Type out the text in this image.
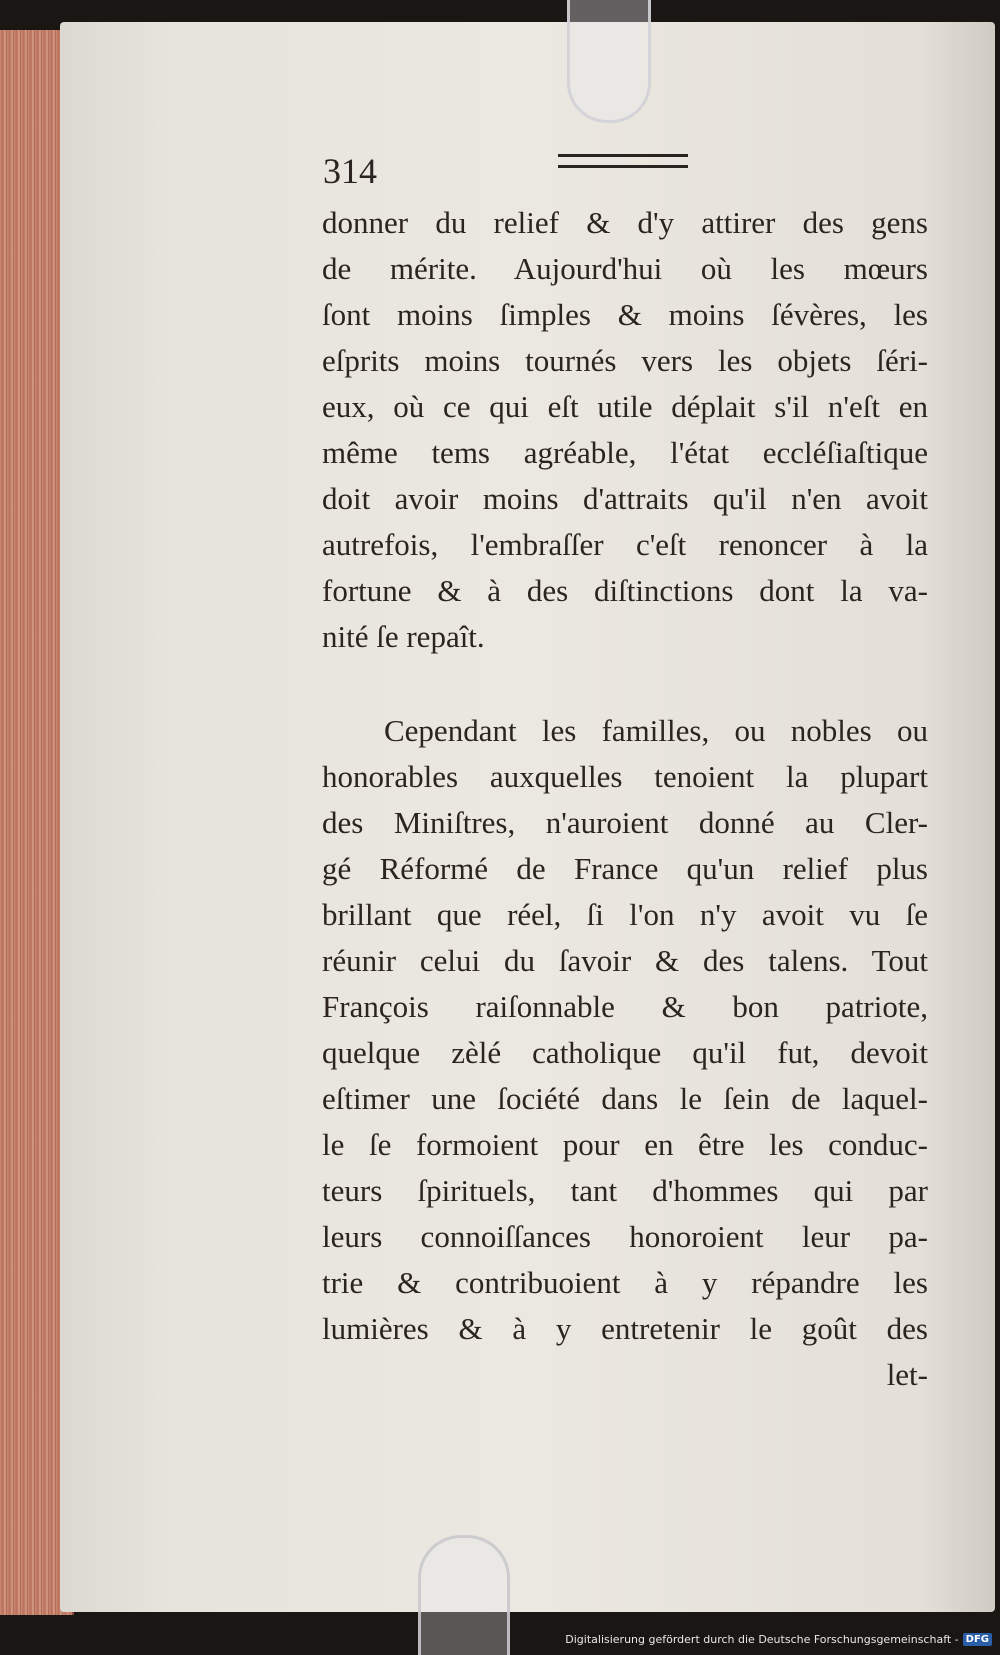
314
donner du relief & d'y attirer des gens
de mérite. Aujourd'hui où les mœurs
ſont moins ſimples & moins ſévères, les
eſprits moins tournés vers les objets ſéri-
eux, où ce qui eſt utile déplait s'il n'eſt en
même tems agréable, l'état eccléſiaſtique
doit avoir moins d'attraits qu'il n'en avoit
autrefois, l'embraſſer c'eſt renoncer à la
fortune & à des diſtinctions dont la va-
nité ſe repaît.
Cependant les familles, ou nobles ou
honorables auxquelles tenoient la plupart
des Miniſtres, n'auroient donné au Cler-
gé Réformé de France qu'un relief plus
brillant que réel, ſi l'on n'y avoit vu ſe
réunir celui du ſavoir & des talens. Tout
François raiſonnable & bon patriote,
quelque zèlé catholique qu'il fut, devoit
eſtimer une ſociété dans le ſein de laquel-
le ſe formoient pour en être les conduc-
teurs ſpirituels, tant d'hommes qui par
leurs connoiſſances honoroient leur pa-
trie & contribuoient à y répandre les
lumières & à y entretenir le goût des
let-
Digitalisierung gefördert durch die Deutsche Forschungsgemeinschaft - DFG
